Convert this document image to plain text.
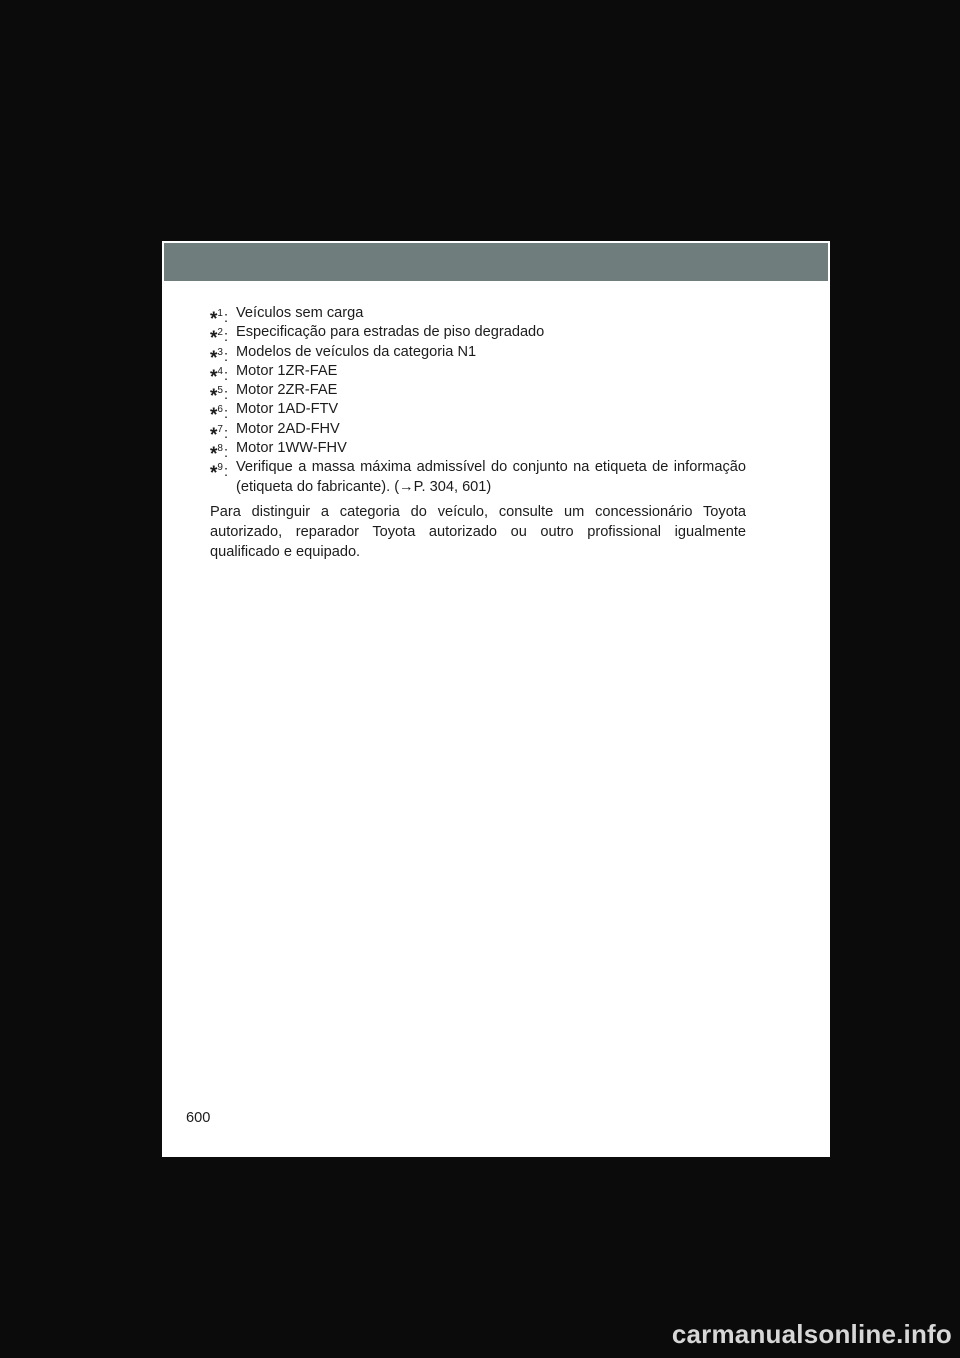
*$^1$: Veículos sem carga
*$^2$: Especificação para estradas de piso degradado
*$^3$: Modelos de veículos da categoria N1
*$^4$: Motor 1ZR-FAE
*$^5$: Motor 2ZR-FAE
*$^6$: Motor 1AD-FTV
*$^7$: Motor 2AD-FHV
*$^8$: Motor 1WW-FHV
*$^9$: Verifique a massa máxima admissível do conjunto na etiqueta de informação (etiqueta do fabricante). (→P. 304, 601)

Para distinguir a categoria do veículo, consulte um concessionário Toyota autorizado, reparador Toyota autorizado ou outro profissional igualmente qualificado e equipado.

600
carmanualsonline.info
